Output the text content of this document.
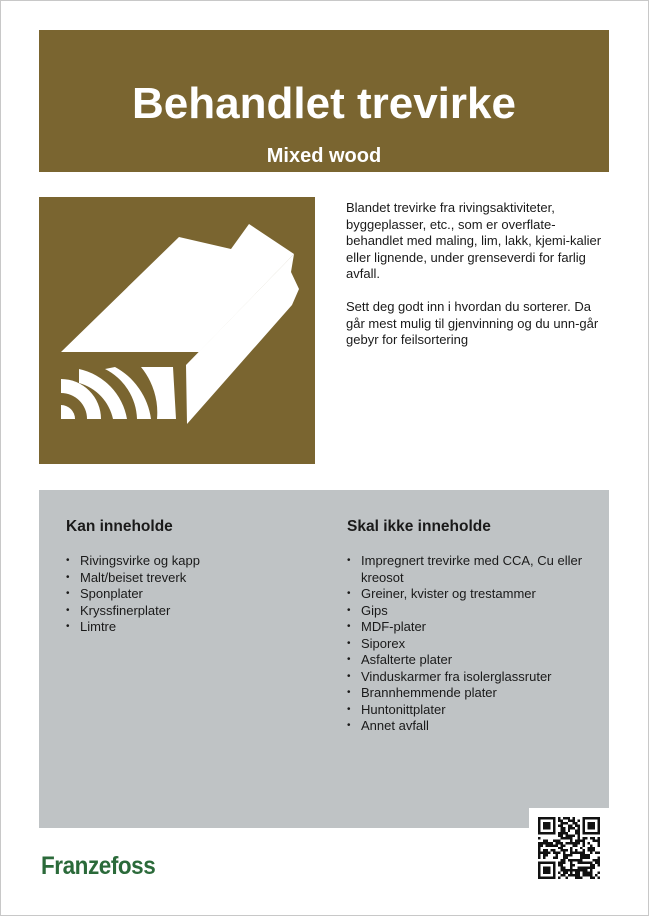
Behandlet trevirke
Mixed wood

Blandet trevirke fra rivingsaktiviteter, byggeplasser, etc., som er overflate-behandlet med maling, lim, lakk, kjemi-kalier eller lignende, under grenseverdi for farlig avfall.

Sett deg godt inn i hvordan du sorterer. Da går mest mulig til gjenvinning og du unn-går gebyr for feilsortering

Kan inneholde
• Rivingsvirke og kapp
• Malt/beiset treverk
• Sponplater
• Kryssfinerplater
• Limtre
Skal ikke inneholde
• Impregnert trevirke med CCA, Cu eller kreosot
• Greiner, kvister og trestammer
• Gips
• MDF-plater
• Siporex
• Asfalterte plater
• Vinduskarmer fra isolerglassruter
• Brannhemmende plater
• Huntonittplater
• Annet avfall
Franzefoss
